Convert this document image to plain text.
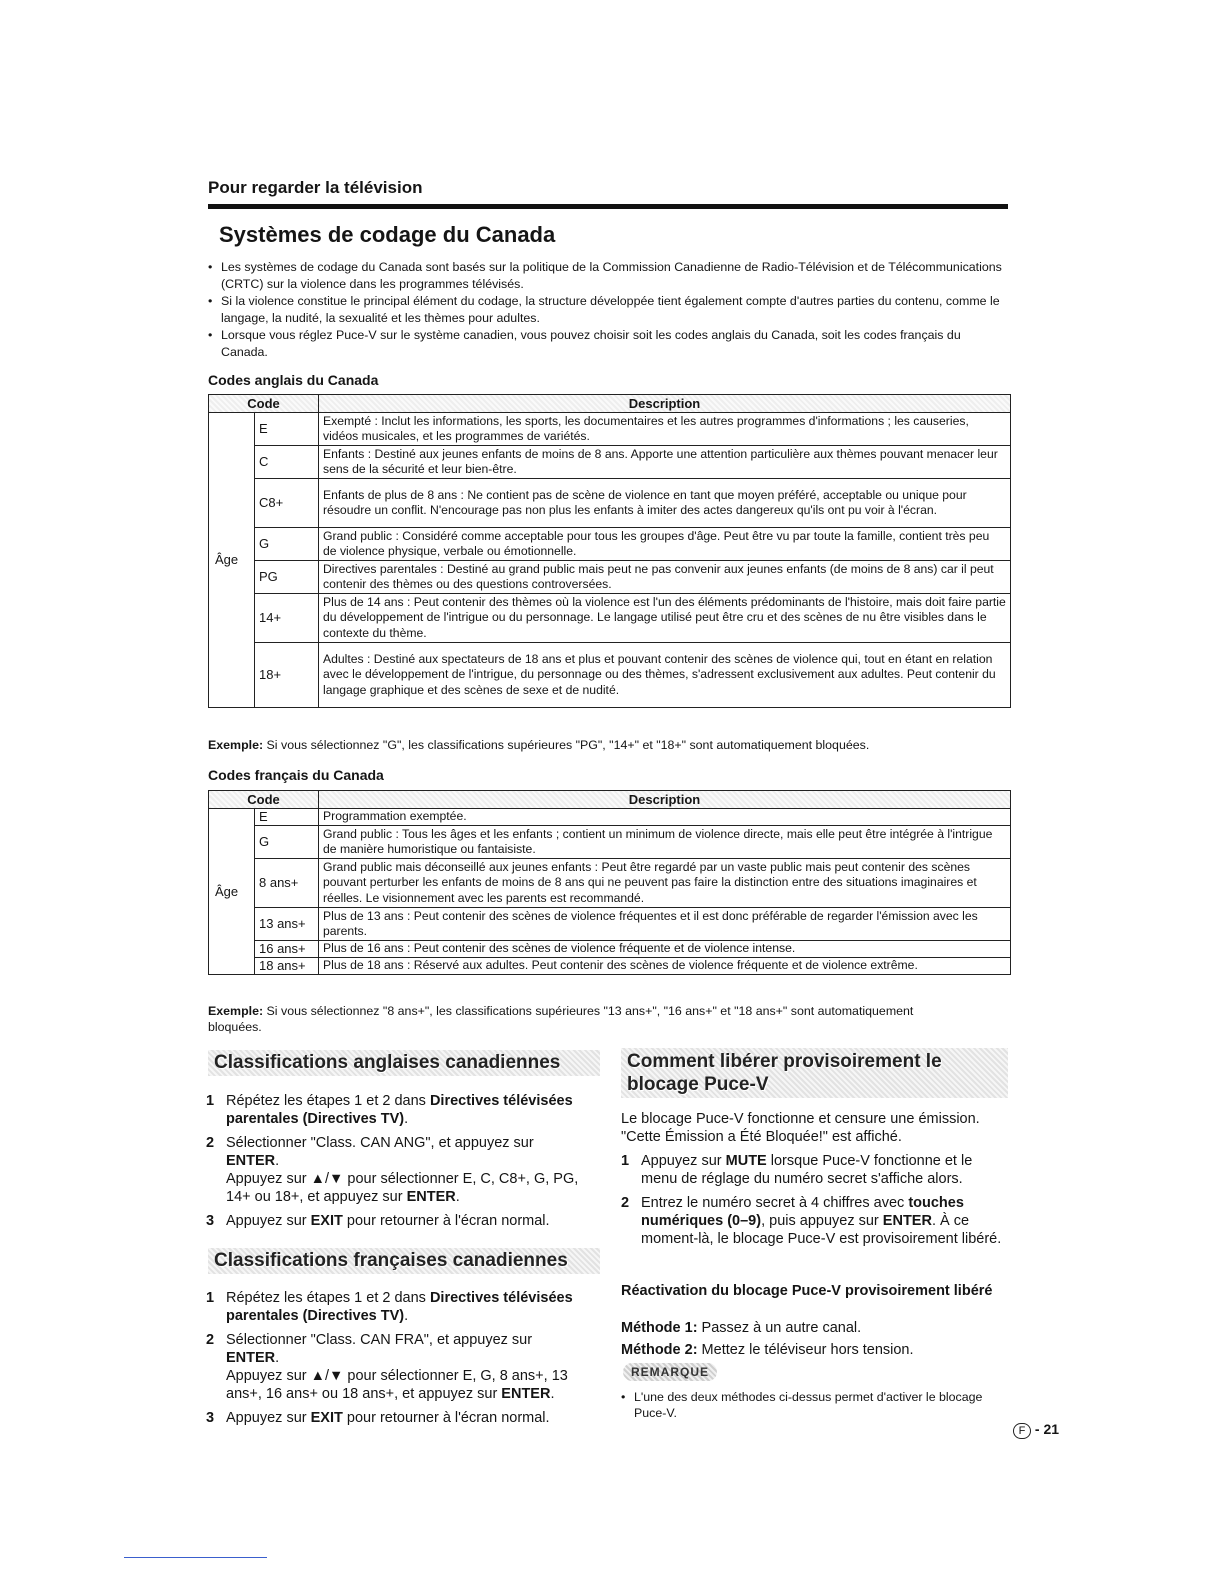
Pour regarder la télévision
Systèmes de codage du Canada
• Les systèmes de codage du Canada sont basés sur la politique de la Commission Canadienne de Radio-Télévision et de Télécommunications (CRTC) sur la violence dans les programmes télévisés.
• Si la violence constitue le principal élément du codage, la structure développée tient également compte d'autres parties du contenu, comme le langage, la nudité, la sexualité et les thèmes pour adultes.
• Lorsque vous réglez Puce-V sur le système canadien, vous pouvez choisir soit les codes anglais du Canada, soit les codes français du Canada.
Codes anglais du Canada
Code		Description
Âge	E	Exempté : Inclut les informations, les sports, les documentaires et les autres programmes d'informations ; les causeries, vidéos musicales, et les programmes de variétés.
	C	Enfants : Destiné aux jeunes enfants de moins de 8 ans. Apporte une attention particulière aux thèmes pouvant menacer leur sens de la sécurité et leur bien-être.
	C8+	Enfants de plus de 8 ans : Ne contient pas de scène de violence en tant que moyen préféré, acceptable ou unique pour résoudre un conflit. N'encourage pas non plus les enfants à imiter des actes dangereux qu'ils ont pu voir à l'écran.
	G	Grand public : Considéré comme acceptable pour tous les groupes d'âge. Peut être vu par toute la famille, contient très peu de violence physique, verbale ou émotionnelle.
	PG	Directives parentales : Destiné au grand public mais peut ne pas convenir aux jeunes enfants (de moins de 8 ans) car il peut contenir des thèmes ou des questions controversées.
	14+	Plus de 14 ans : Peut contenir des thèmes où la violence est l'un des éléments prédominants de l'histoire, mais doit faire partie du développement de l'intrigue ou du personnage. Le langage utilisé peut être cru et des scènes de nu être visibles dans le contexte du thème.
	18+	Adultes : Destiné aux spectateurs de 18 ans et plus et pouvant contenir des scènes de violence qui, tout en étant en relation avec le développement de l'intrigue, du personnage ou des thèmes, s'adressent exclusivement aux adultes. Peut contenir du langage graphique et des scènes de sexe et de nudité.
Exemple: Si vous sélectionnez "G", les classifications supérieures "PG", "14+" et "18+" sont automatiquement bloquées.
Codes français du Canada
Code		Description
Âge	E	Programmation exemptée.
	G	Grand public : Tous les âges et les enfants ; contient un minimum de violence directe, mais elle peut être intégrée à l'intrigue de manière humoristique ou fantaisiste.
	8 ans+	Grand public mais déconseillé aux jeunes enfants : Peut être regardé par un vaste public mais peut contenir des scènes pouvant perturber les enfants de moins de 8 ans qui ne peuvent pas faire la distinction entre des situations imaginaires et réelles. Le visionnement avec les parents est recommandé.
	13 ans+	Plus de 13 ans : Peut contenir des scènes de violence fréquentes et il est donc préférable de regarder l'émission avec les parents.
	16 ans+	Plus de 16 ans : Peut contenir des scènes de violence fréquente et de violence intense.
	18 ans+	Plus de 18 ans : Réservé aux adultes. Peut contenir des scènes de violence fréquente et de violence extrême.
Exemple: Si vous sélectionnez "8 ans+", les classifications supérieures "13 ans+", "16 ans+" et "18 ans+" sont automatiquement bloquées.
Classifications anglaises canadiennes
1 Répétez les étapes 1 et 2 dans Directives télévisées parentales (Directives TV).
2 Sélectionner "Class. CAN ANG", et appuyez sur ENTER.
Appuyez sur ▲/▼ pour sélectionner E, C, C8+, G, PG, 14+ ou 18+, et appuyez sur ENTER.
3 Appuyez sur EXIT pour retourner à l'écran normal.
Classifications françaises canadiennes
1 Répétez les étapes 1 et 2 dans Directives télévisées parentales (Directives TV).
2 Sélectionner "Class. CAN FRA", et appuyez sur ENTER.
Appuyez sur ▲/▼ pour sélectionner E, G, 8 ans+, 13 ans+, 16 ans+ ou 18 ans+, et appuyez sur ENTER.
3 Appuyez sur EXIT pour retourner à l'écran normal.
Comment libérer provisoirement le
blocage Puce-V
Le blocage Puce-V fonctionne et censure une émission. "Cette Émission a Été Bloquée!" est affiché.
1 Appuyez sur MUTE lorsque Puce-V fonctionne et le menu de réglage du numéro secret s'affiche alors.
2 Entrez le numéro secret à 4 chiffres avec touches numériques (0–9), puis appuyez sur ENTER. À ce moment-là, le blocage Puce-V est provisoirement libéré.
Réactivation du blocage Puce-V provisoirement libéré
Méthode 1: Passez à un autre canal.
Méthode 2: Mettez le téléviseur hors tension.
REMARQUE
• L'une des deux méthodes ci-dessus permet d'activer le blocage Puce-V.
F - 21
